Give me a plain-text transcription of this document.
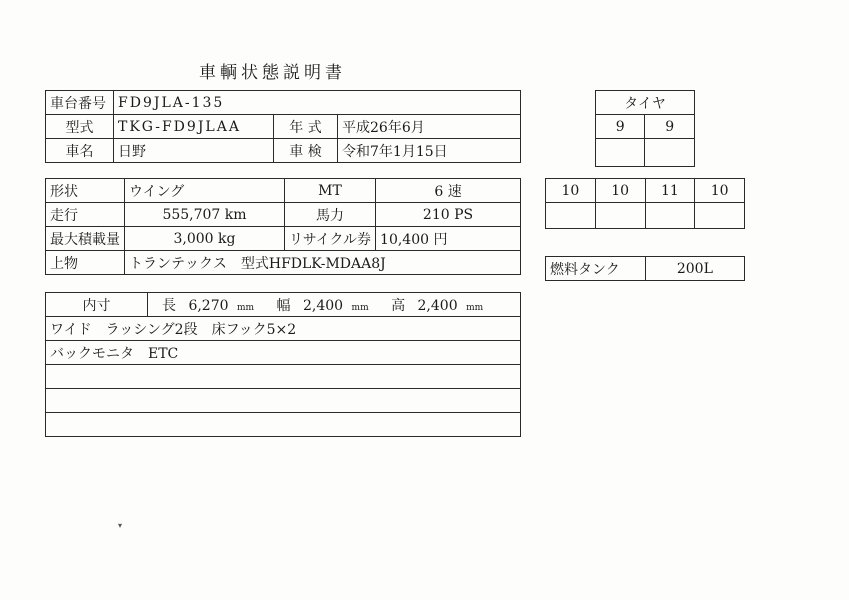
車輌状態説明書
車台番号	FD9JLA-135		
型式	TKG-FD9JLAA	年 式	平成26年6月
車名	日野	車 検	令和7年1月15日
形状	ウイング	MT	6 速
走行	555,707 km	馬力	210 PS
最大積載量	3,000 kg	リサイクル券	10,400 円
上物	トランテックス　型式HFDLK-MDAA8J		
内寸	長 6,270 mm 幅 2,400 mm 高 2,400 mm
ワイド　ラッシング2段　床フック5×2
バックモニタ　ETC

タイヤ	
9	9

10	10	11	10

燃料タンク	200L
▾
